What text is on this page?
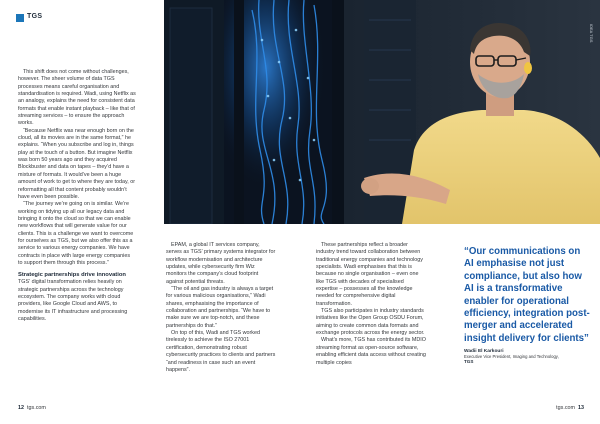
TGS
IDEA TGS

This shift does not come without challenges, however. The sheer volume of data TGS processes means careful organisation and standardisation is required. Wadi, using Netflix as an analogy, explains the need for consistent data formats that enable instant playback – like that of streaming services – to ensure the approach works.

“Because Netflix was near enough born on the cloud, all its movies are in the same format,” he explains. “When you subscribe and log in, things play at the touch of a button. But imagine Netflix was born 50 years ago and they acquired Blockbuster and data on tapes – they’d have a mixture of formats. It would’ve been a huge amount of work to get to where they are today, or reformatting all that content probably wouldn’t have even been possible.

“The journey we’re going on is similar. We’re working on tidying up all our legacy data and bringing it onto the cloud so that we can enable new workflows that will generate value for our clients. This is a challenge we want to overcome for ourselves as TGS, but we also offer this as a service to various energy companies. We have contracts in place with large energy companies to support them through this process.”

Strategic partnerships drive innovation

TGS’ digital transformation relies heavily on strategic partnerships across the technology ecosystem. The company works with cloud providers, like Google Cloud and AWS, to modernise its IT infrastructure and processing capabilities.

EPAM, a global IT services company, serves as TGS’ primary systems integrator for workflow modernisation and architecture updates, while cybersecurity firm Wiz monitors the company’s cloud footprint against potential threats.

“The oil and gas industry is always a target for various malicious organisations,” Wadi shares, emphasising the importance of collaboration and partnerships. “We have to make sure we are top-notch, and these partnerships do that.”

On top of this, Wadi and TGS worked tirelessly to achieve the ISO 27001 certification, demonstrating robust cybersecurity practices to clients and partners “and readiness in case such an event happens”.

These partnerships reflect a broader industry trend toward collaboration between traditional energy companies and technology specialists. Wadi emphasises that this is because no single organisation – even one like TGS with decades of specialised expertise – possesses all the knowledge needed for comprehensive digital transformation.

TGS also participates in industry standards initiatives like the Open Group OSDU Forum, aiming to create common data formats and exchange protocols across the energy sector.

What’s more, TGS has contributed its MDIO streaming format as open-source software, enabling efficient data access without creating multiple copies

“Our communications on AI emphasise not just compliance, but also how AI is a transformative enabler for operational efficiency, integration post-merger and accelerated insight delivery for clients”

Wadii El Karkouri
Executive Vice President, Imaging and Technology,
TGS
12 tgs.com	tgs.com 13
